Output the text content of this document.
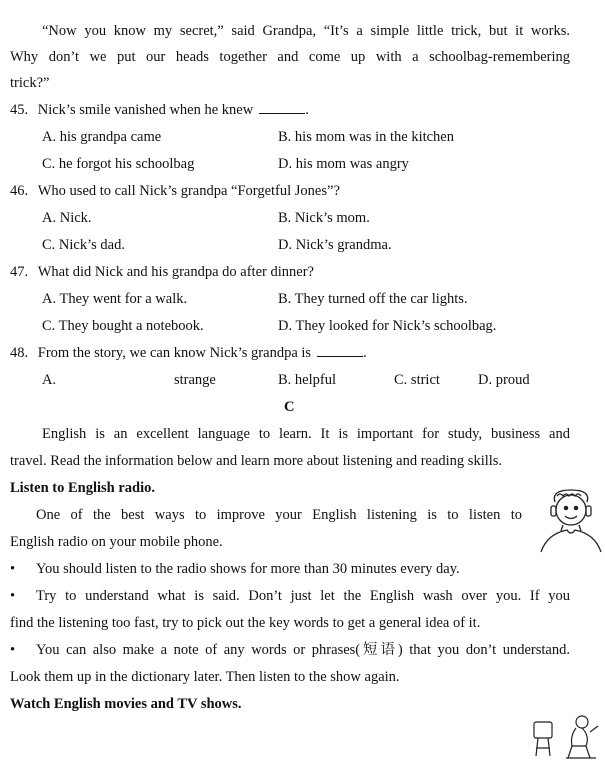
“Now you know my secret,” said Grandpa, “It’s a simple little trick, but it works.
Why don’t we put our heads together and come up with a schoolbag-remembering
trick?”
45. Nick’s smile vanished when he knew	.
A. his grandpa came	B. his mom was in the kitchen
C. he forgot his schoolbag	D. his mom was angry
46. Who used to call Nick’s grandpa “Forgetful Jones”?
A. Nick.	B. Nick’s mom.
C. Nick’s dad.	D. Nick’s grandma.
47. What did Nick and his grandpa do after dinner?
A. They went for a walk.	B. They turned off the car lights.
C. They bought a notebook.	D. They looked for Nick’s schoolbag.
48. From the story, we can know Nick’s grandpa is	.
A.	strange	B. helpful	C. strict	D. proud
C
English is an excellent language to learn. It is important for study, business and
travel. Read the information below and learn more about listening and reading skills.
Listen to English radio.
One of the best ways to improve your English listening is to listen to
English radio on your mobile phone.
• You should listen to the radio shows for more than 30 minutes every day.
• Try to understand what is said. Don’t just let the English wash over you. If you
find the listening too fast, try to pick out the key words to get a general idea of it.
• You can also make a note of any words or phrases(短语) that you don’t understand.
Look them up in the dictionary later. Then listen to the show again.
Watch English movies and TV shows.
